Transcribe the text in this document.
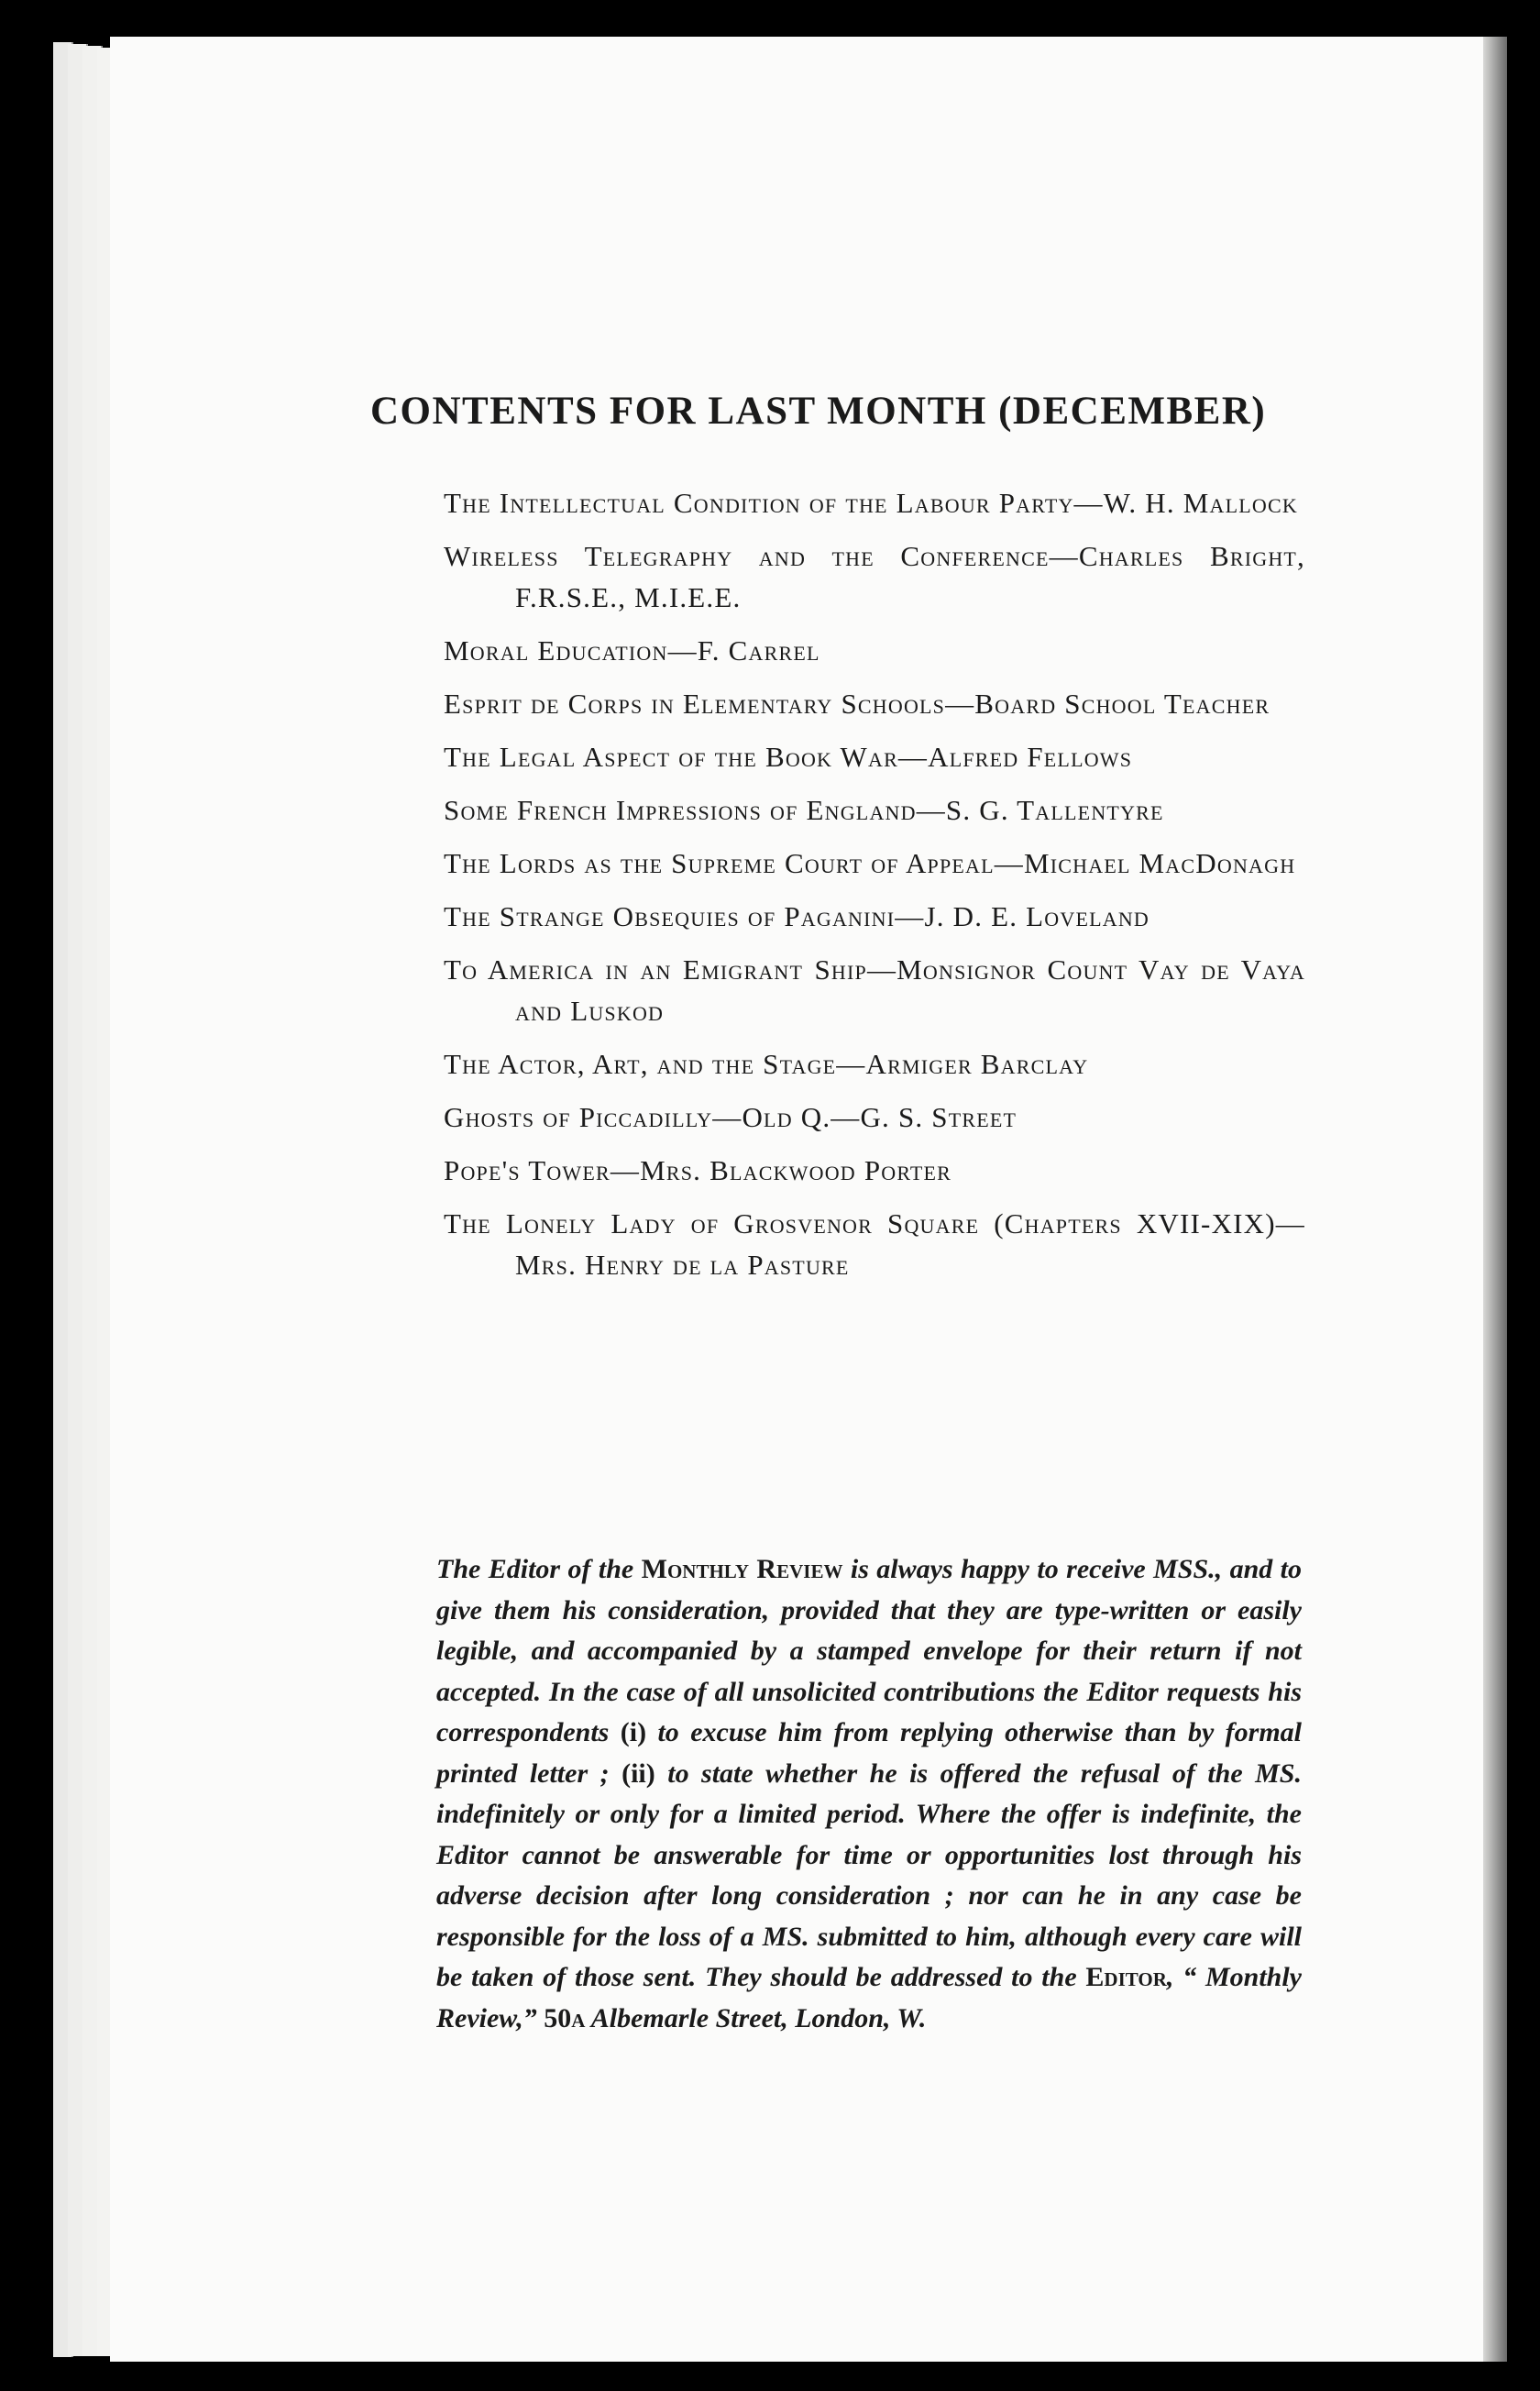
CONTENTS FOR LAST MONTH (DECEMBER)
The Intellectual Condition of the Labour Party—W. H. Mallock
Wireless Telegraphy and the Conference—Charles Bright, F.R.S.E., M.I.E.E.
Moral Education—F. Carrel
Esprit de Corps in Elementary Schools—Board School Teacher
The Legal Aspect of the Book War—Alfred Fellows
Some French Impressions of England—S. G. Tallentyre
The Lords as the Supreme Court of Appeal—Michael MacDonagh
The Strange Obsequies of Paganini—J. D. E. Loveland
To America in an Emigrant Ship—Monsignor Count Vay de Vaya and Luskod
The Actor, Art, and the Stage—Armiger Barclay
Ghosts of Piccadilly—Old Q.—G. S. Street
Pope's Tower—Mrs. Blackwood Porter
The Lonely Lady of Grosvenor Square (Chapters XVII-XIX)—Mrs. Henry de la Pasture

The Editor of the Monthly Review is always happy to receive MSS., and to give them his consideration, provided that they are type-written or easily legible, and accompanied by a stamped envelope for their return if not accepted. In the case of all unsolicited contributions the Editor requests his correspondents (i) to excuse him from replying otherwise than by formal printed letter ; (ii) to state whether he is offered the refusal of the MS. indefinitely or only for a limited period. Where the offer is indefinite, the Editor cannot be answerable for time or opportunities lost through his adverse decision after long consideration ; nor can he in any case be responsible for the loss of a MS. submitted to him, although every care will be taken of those sent. They should be addressed to the Editor, “ Monthly Review,” 50a Albemarle Street, London, W.
